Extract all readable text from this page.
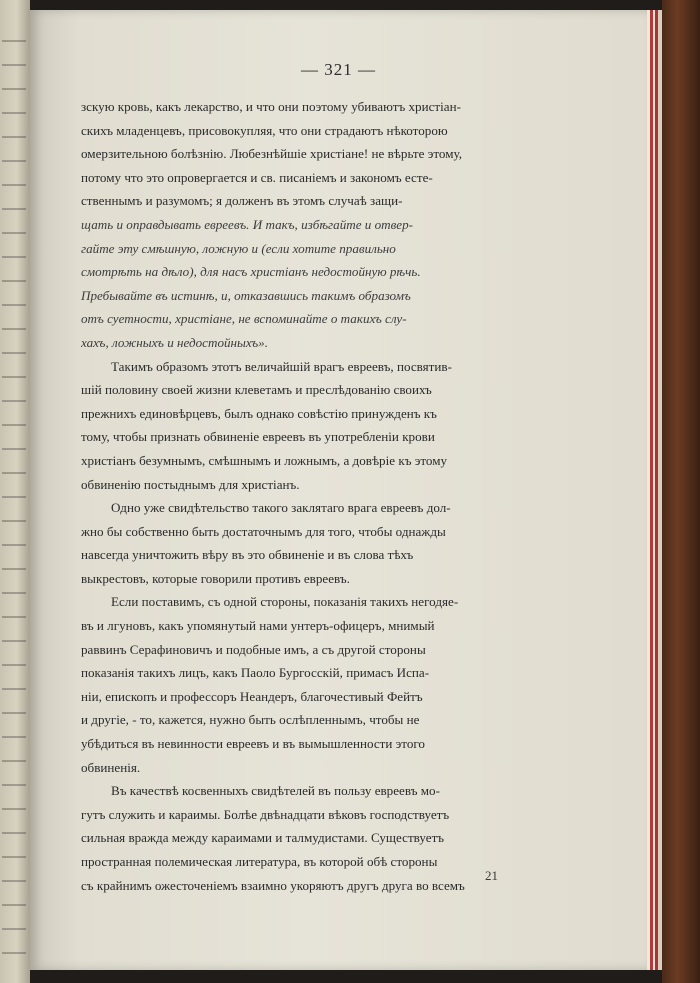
— 321 —
зскую кровь, какъ лекарство, и что они поэтому убиваютъ христіан-
скихъ младенцевъ, присовокупляя, что они страдаютъ нѣкоторою
омерзительною болѣзнію. Любезнѣйшіе христіане! не вѣрьте этому,
потому что это опровергается и св. писаніемъ и закономъ есте-
ственнымъ и разумомъ; я долженъ въ этомъ случаѣ защи-
щать и оправдывать евреевъ. И такъ, избѣгайте и отвер-
гайте эту смѣшную, ложную и (если хотите правильно
смотрѣть на дѣло), для насъ христіанъ недостойную рѣчь.
Пребывайте въ истинѣ, и, отказавшись такимъ образомъ
отъ суетности, христіане, не вспоминайте о такихъ слу-
хахъ, ложныхъ и недостойныхъ».
Такимъ образомъ этотъ величайшій врагъ евреевъ, посвятив-
шій половину своей жизни клеветамъ и преслѣдованію своихъ
прежнихъ единовѣрцевъ, былъ однако совѣстію принужденъ къ
тому, чтобы признать обвиненіе евреевъ въ употребленіи крови
христіанъ безумнымъ, смѣшнымъ и ложнымъ, а довѣріе къ этому
обвиненію постыднымъ для христіанъ.
Одно уже свидѣтельство такого заклятаго врага евреевъ дол-
жно бы собственно быть достаточнымъ для того, чтобы однажды
навсегда уничтожить вѣру въ это обвиненіе и въ слова тѣхъ
выкрестовъ, которые говорили противъ евреевъ.
Если поставимъ, съ одной стороны, показанія такихъ негодяе-
въ и лгуновъ, какъ упомянутый нами унтеръ-офицеръ, мнимый
раввинъ Серафиновичъ и подобные имъ, а съ другой стороны
показанія такихъ лицъ, какъ Паоло Бургосскій, примасъ Испа-
ніи, епископъ и профессоръ Неандеръ, благочестивый Фейтъ
и другіе, - то, кажется, нужно быть ослѣпленнымъ, чтобы не
убѣдиться въ невинности евреевъ и въ вымышленности этого
обвиненія.
Въ качествѣ косвенныхъ свидѣтелей въ пользу евреевъ мо-
гутъ служить и караимы. Болѣе двѣнадцати вѣковъ господствуетъ
сильная вражда между караимами и талмудистами. Существуетъ
пространная полемическая литература, въ которой обѣ стороны
съ крайнимъ ожесточеніемъ взаимно укоряютъ другъ друга во всемъ
21
